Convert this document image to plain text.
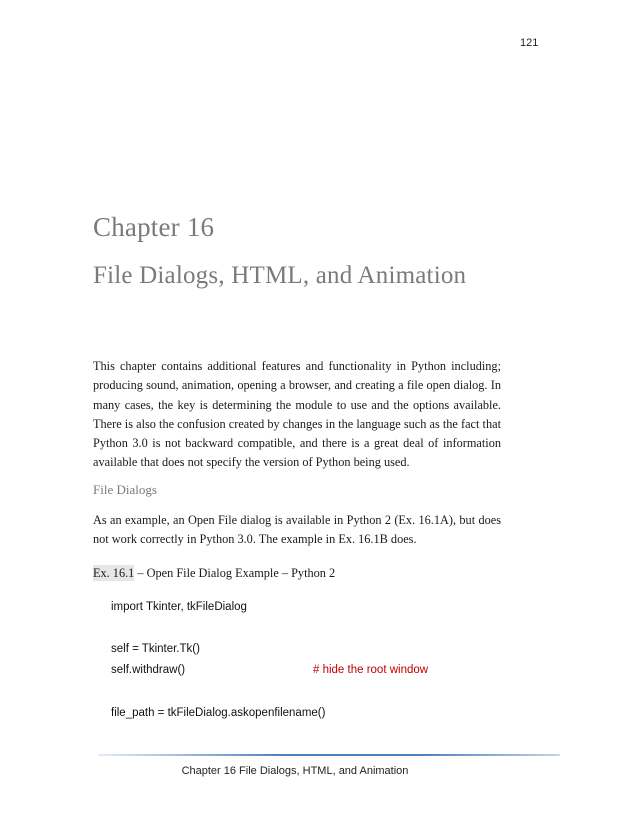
121
Chapter 16
File Dialogs, HTML, and Animation

This chapter contains additional features and functionality in Python including; producing sound, animation, opening a browser, and creating a file open dialog. In many cases, the key is determining the module to use and the options available. There is also the confusion created by changes in the language such as the fact that Python 3.0 is not backward compatible, and there is a great deal of information available that does not specify the version of Python being used.

File Dialogs

As an example, an Open File dialog is available in Python 2 (Ex. 16.1A), but does not work correctly in Python 3.0. The example in Ex. 16.1B does.

Ex. 16.1 – Open File Dialog Example – Python 2
import Tkinter, tkFileDialog
self = Tkinter.Tk()
self.withdraw()	# hide the root window
file_path = tkFileDialog.askopenfilename()
Chapter 16 File Dialogs, HTML, and Animation
